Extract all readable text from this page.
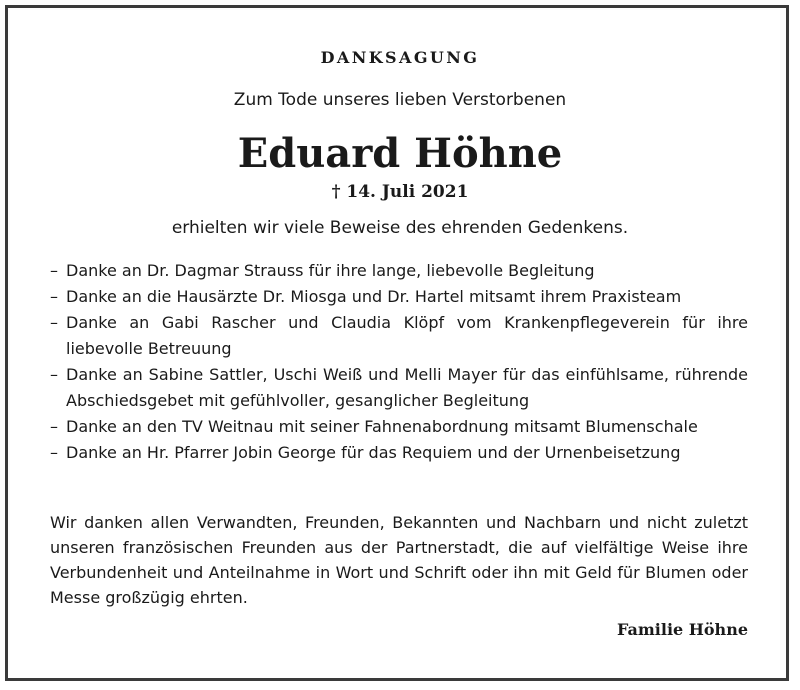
DANKSAGUNG
Zum Tode unseres lieben Verstorbenen
Eduard Höhne
† 14. Juli 2021
erhielten wir viele Beweise des ehrenden Gedenkens.
– Danke an Dr. Dagmar Strauss für ihre lange, liebevolle Begleitung
– Danke an die Hausärzte Dr. Miosga und Dr. Hartel mitsamt ihrem Praxisteam
– Danke an Gabi Rascher und Claudia Klöpf vom Krankenpflegeverein für ihre liebevolle Betreuung
– Danke an Sabine Sattler, Uschi Weiß und Melli Mayer für das einfühlsame, rührende Abschiedsgebet mit gefühlvoller, gesanglicher Begleitung
– Danke an den TV Weitnau mit seiner Fahnenabordnung mitsamt Blumenschale
– Danke an Hr. Pfarrer Jobin George für das Requiem und der Urnenbeisetzung

Wir danken allen Verwandten, Freunden, Bekannten und Nachbarn und nicht zuletzt unseren französischen Freunden aus der Partnerstadt, die auf vielfältige Weise ihre Verbundenheit und Anteilnahme in Wort und Schrift oder ihn mit Geld für Blumen oder Messe großzügig ehrten.

Familie Höhne
